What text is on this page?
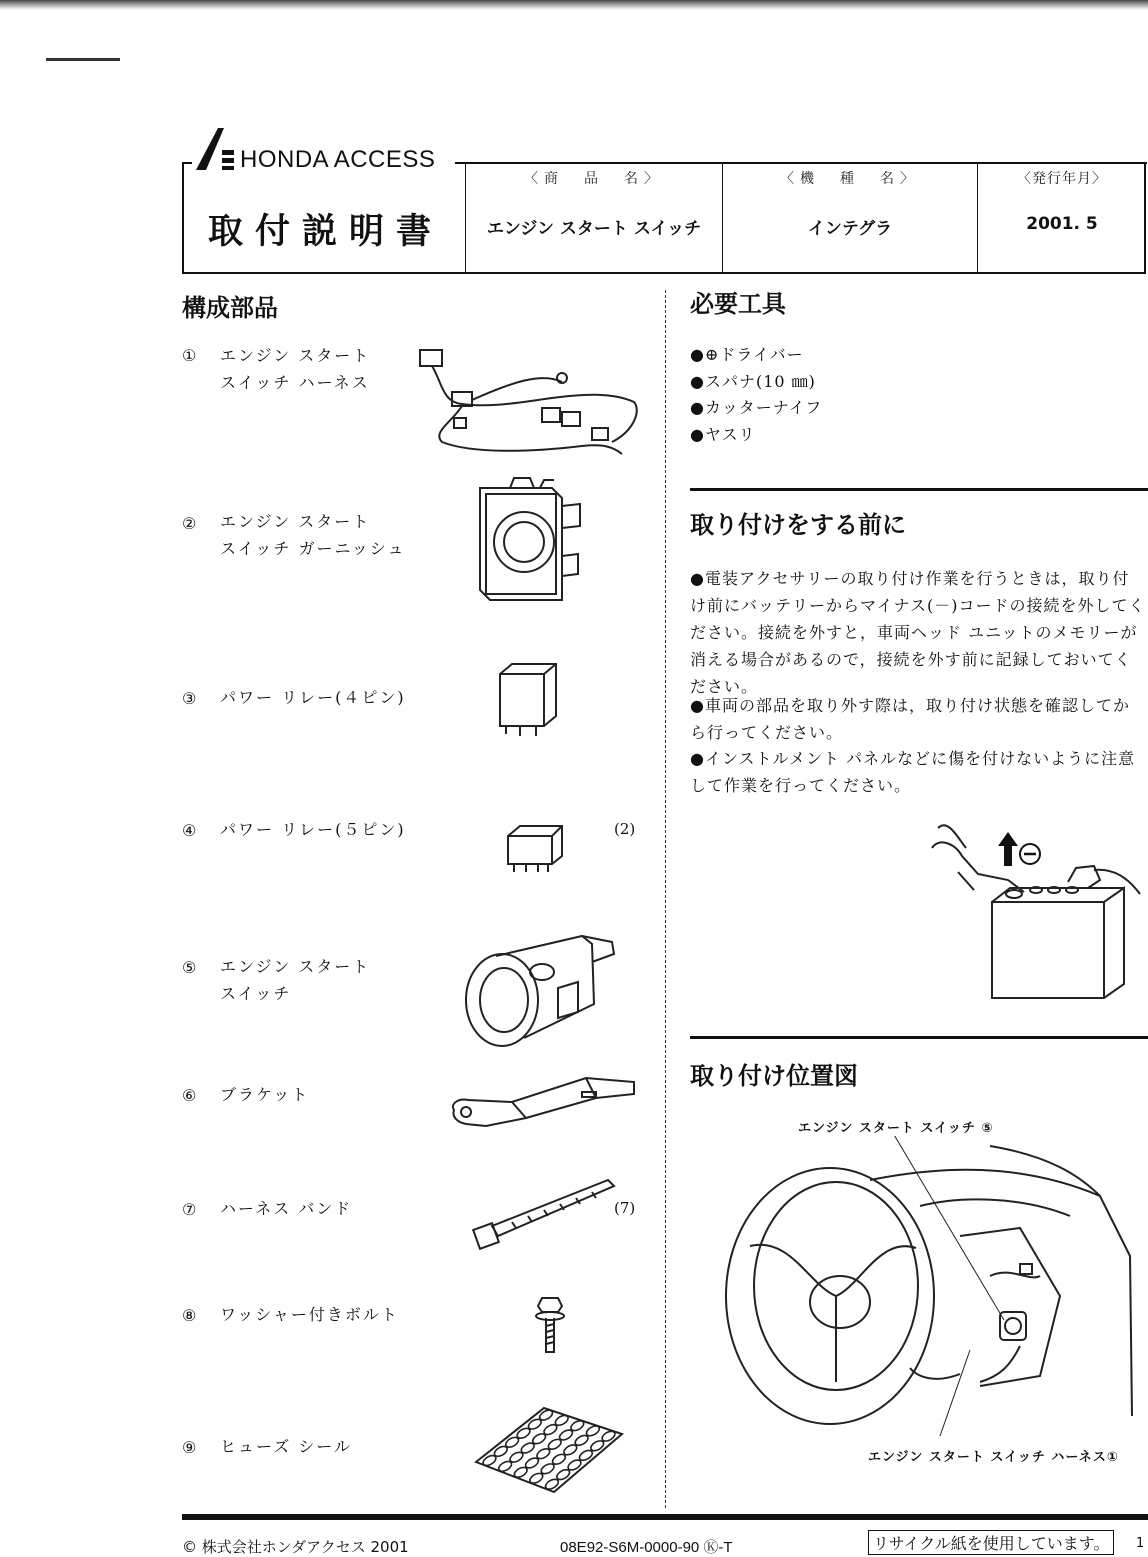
HONDA ACCESS
取付説明書
〈商　品　名〉
エンジン スタート スイッチ
〈機　種　名〉
インテグラ
〈発行年月〉
2001. 5
構成部品
① エンジン スタート
スイッチ ハーネス
② エンジン スタート
スイッチ ガーニッシュ
③ パワー リレー(４ピン)
④ パワー リレー(５ピン)	(2)
⑤ エンジン スタート
スイッチ
⑥ ブラケット
⑦ ハーネス バンド	(7)
⑧ ワッシャー付きボルト
⑨ ヒューズ シール
必要工具
●⊕ドライバー
●スパナ(10 ㎜)
●カッターナイフ
●ヤスリ
取り付けをする前に
●電装アクセサリーの取り付け作業を行うときは，取り付け前にバッテリーからマイナス(－)コードの接続を外してください。接続を外すと，車両ヘッド ユニットのメモリーが消える場合があるので，接続を外す前に記録しておいてください。
●車両の部品を取り外す際は，取り付け状態を確認してから行ってください。
●インストルメント パネルなどに傷を付けないように注意して作業を行ってください。
取り付け位置図
エンジン スタート スイッチ ⑤
エンジン スタート スイッチ ハーネス①
© 株式会社ホンダアクセス 2001	08E92-S6M-0000-90 Ⓚ-T	リサイクル紙を使用しています。	1
